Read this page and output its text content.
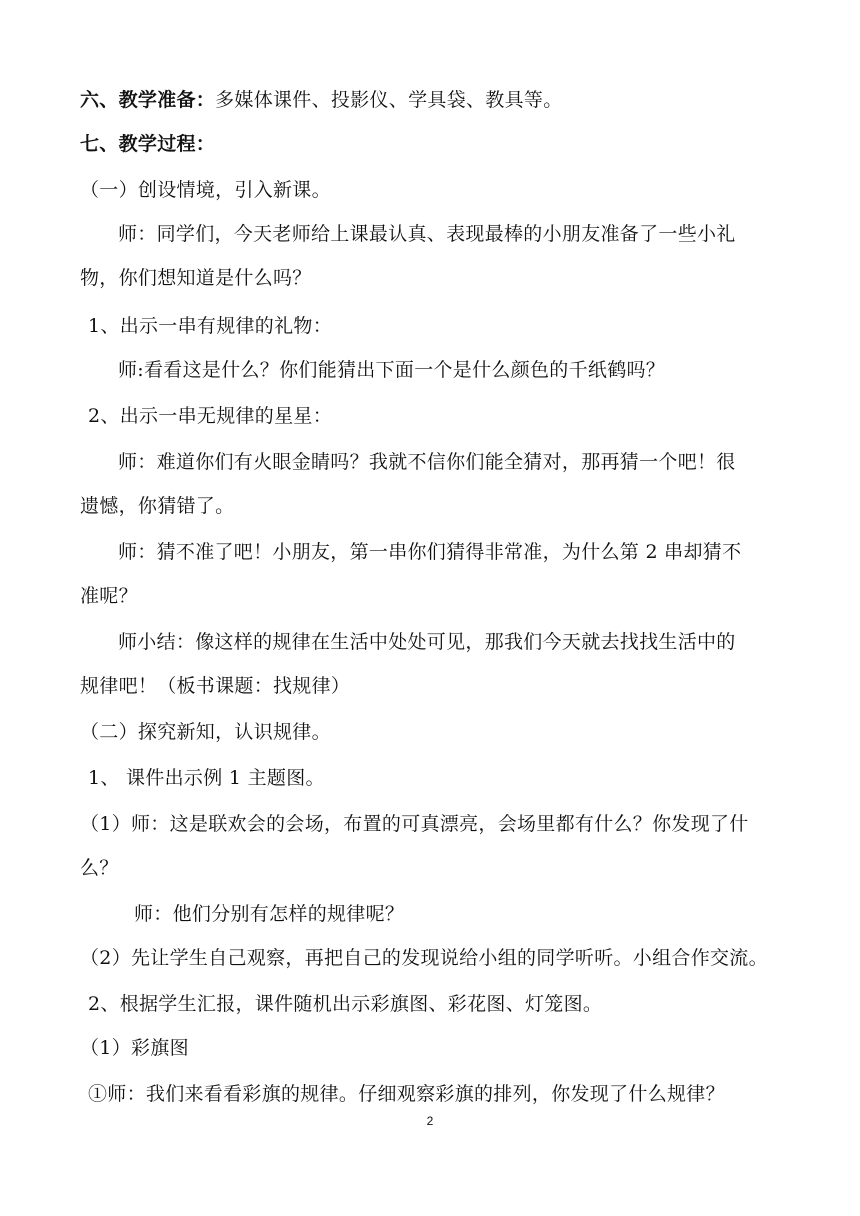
六、教学准备：多媒体课件、投影仪、学具袋、教具等。
七、教学过程：
（一）创设情境，引入新课。
师：同学们，今天老师给上课最认真、表现最棒的小朋友准备了一些小礼
物，你们想知道是什么吗？
1、出示一串有规律的礼物：
师:看看这是什么？你们能猜出下面一个是什么颜色的千纸鹤吗？
2、出示一串无规律的星星：
师：难道你们有火眼金睛吗？我就不信你们能全猜对，那再猜一个吧！很
遗憾，你猜错了。
师：猜不准了吧！小朋友，第一串你们猜得非常准，为什么第 2 串却猜不
准呢？
师小结：像这样的规律在生活中处处可见，那我们今天就去找找生活中的
规律吧！（板书课题：找规律）
（二）探究新知，认识规律。
1、 课件出示例 1 主题图。
（1）师：这是联欢会的会场，布置的可真漂亮，会场里都有什么？你发现了什
么？
师：他们分别有怎样的规律呢？
（2）先让学生自己观察，再把自己的发现说给小组的同学听听。小组合作交流。
2、根据学生汇报，课件随机出示彩旗图、彩花图、灯笼图。
（1）彩旗图
①师：我们来看看彩旗的规律。仔细观察彩旗的排列，你发现了什么规律？
2
